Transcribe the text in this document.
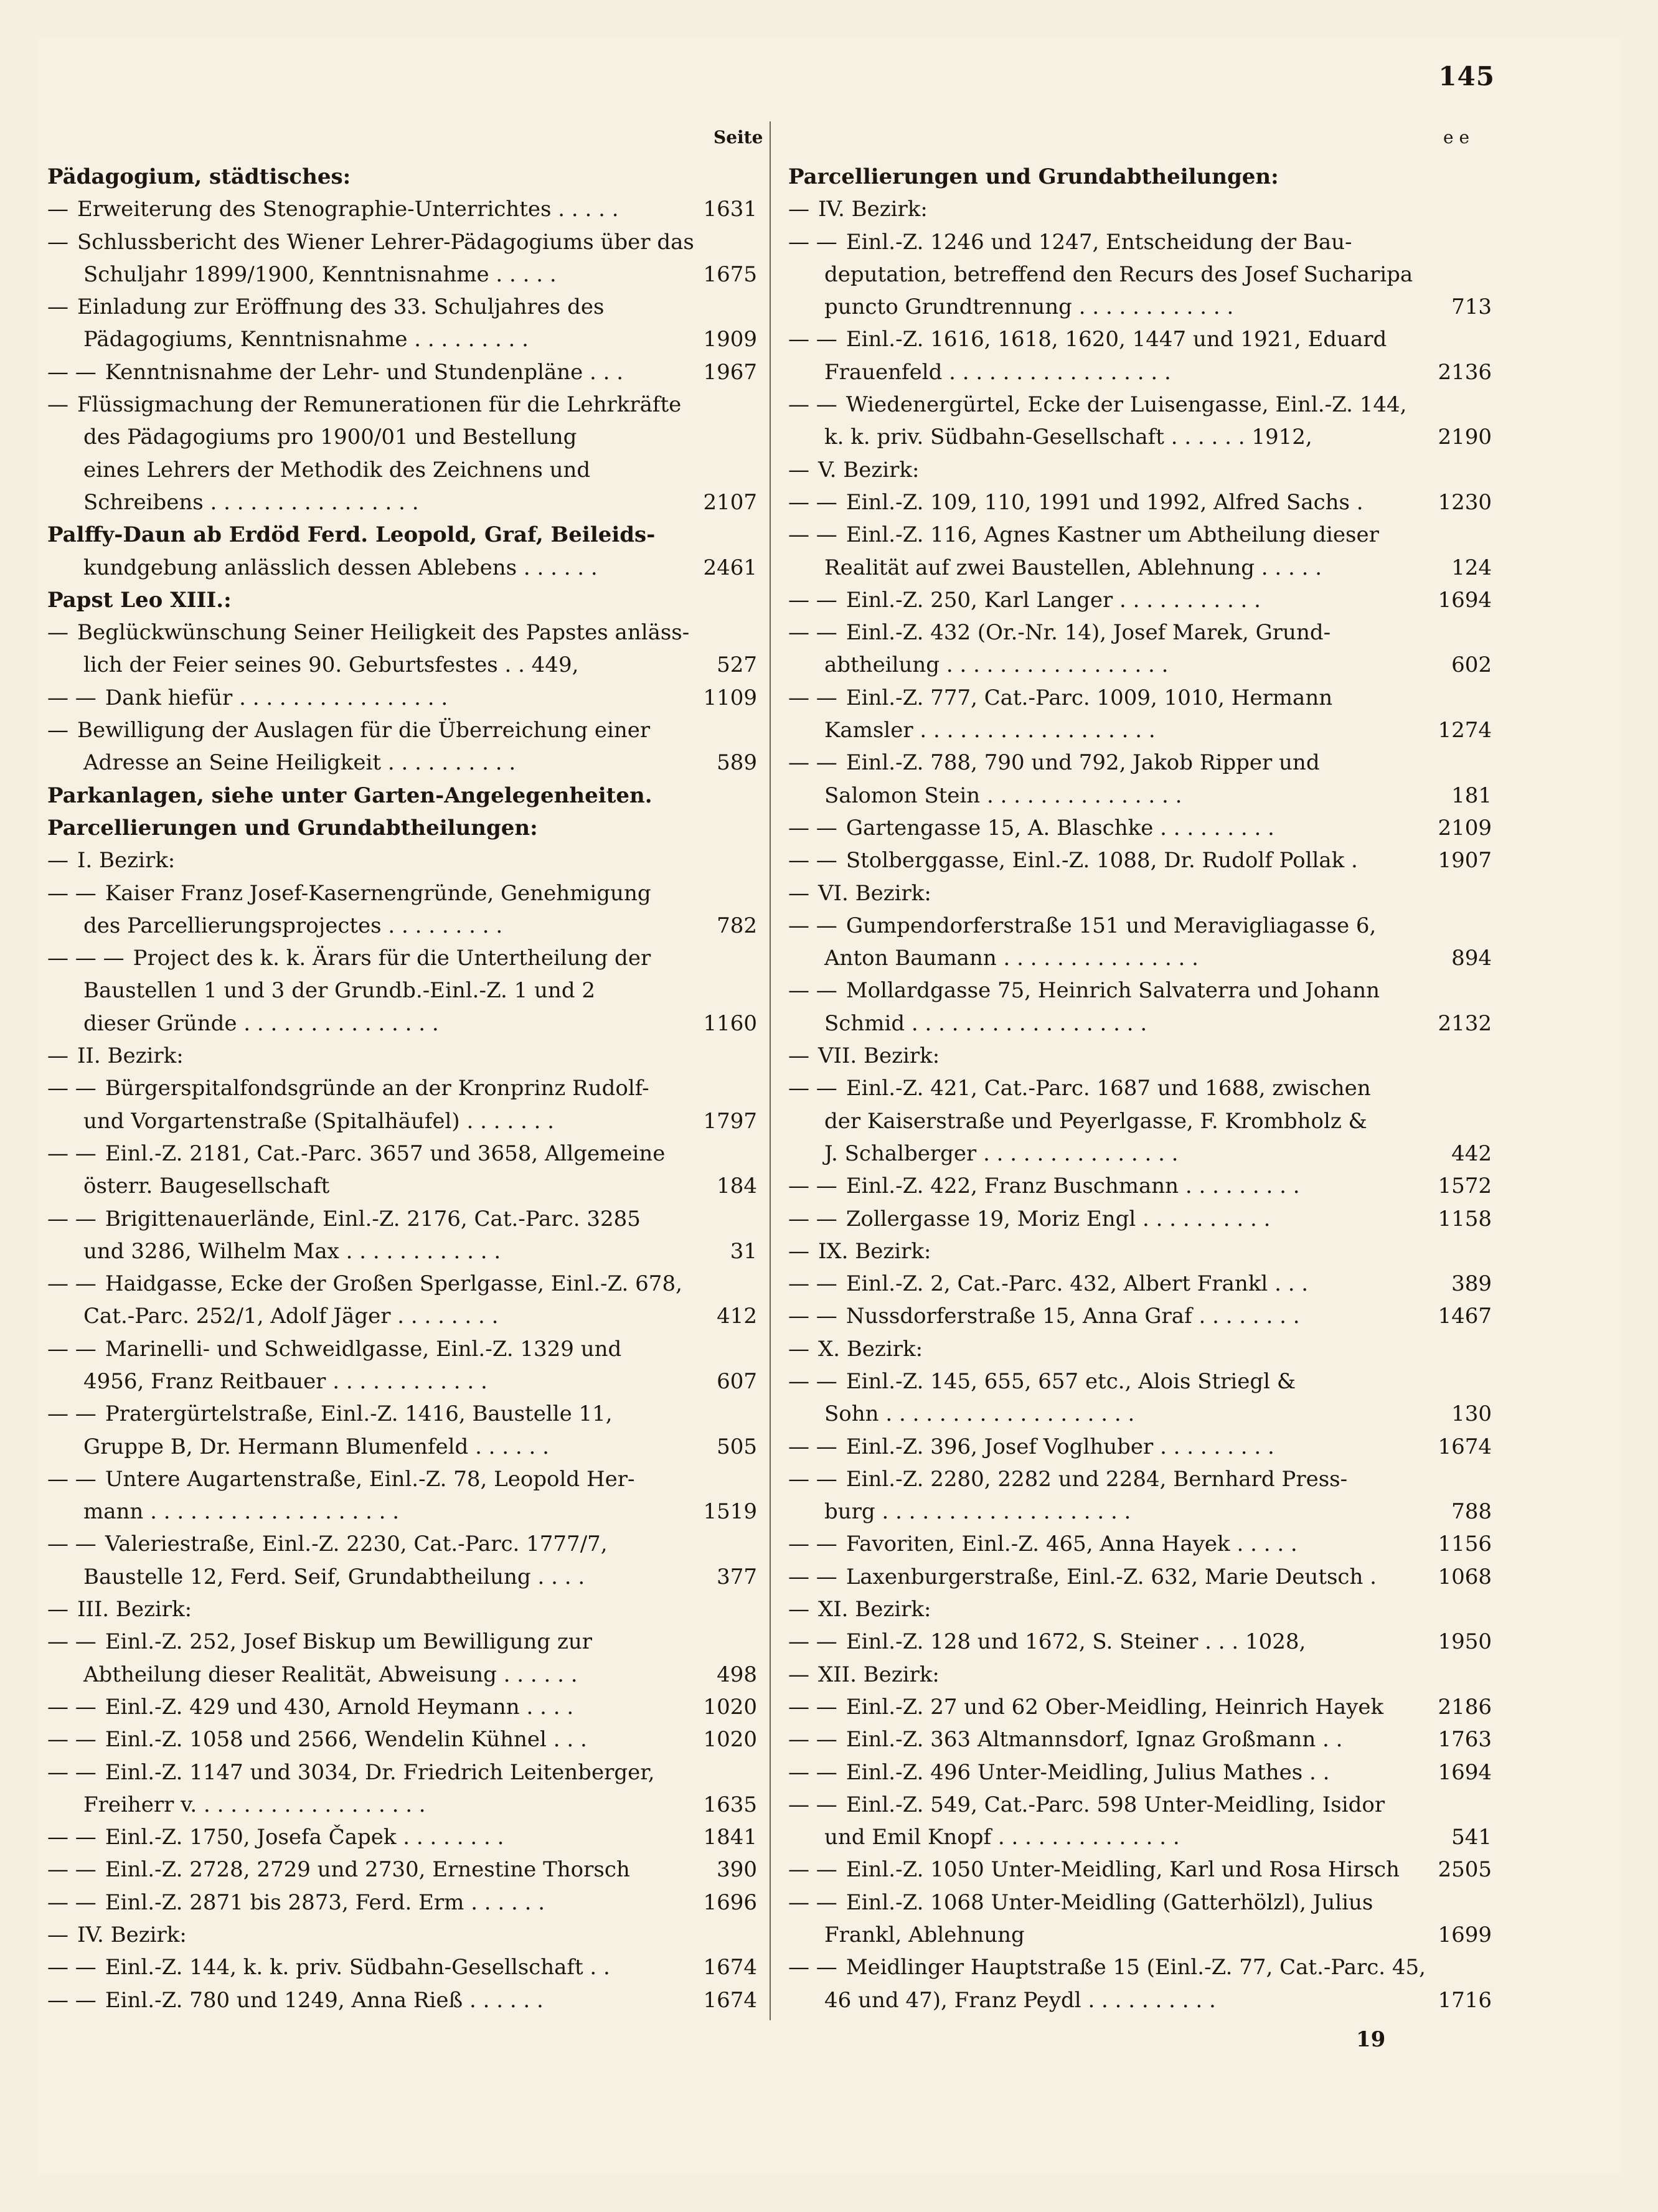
145
Seite	e e
Pädagogium, städtisches:
1631
— Erweiterung des Stenographie-Unterrichtes . . . . .
— Schlussbericht des Wiener Lehrer-Pädagogiums über das
1675
Schuljahr 1899/1900, Kenntnisnahme . . . . .
— Einladung zur Eröffnung des 33. Schuljahres des
1909
Pädagogiums, Kenntnisnahme . . . . . . . . .
1967
— — Kenntnisnahme der Lehr- und Stundenpläne . . .
— Flüssigmachung der Remunerationen für die Lehrkräfte
des Pädagogiums pro 1900/01 und Bestellung
eines Lehrers der Methodik des Zeichnens und
2107
Schreibens . . . . . . . . . . . . . . . .
Palffy-Daun ab Erdöd Ferd. Leopold, Graf, Beileids-
2461
kundgebung anlässlich dessen Ablebens . . . . . .
Papst Leo XIII.:
— Beglückwünschung Seiner Heiligkeit des Papstes anläss-
527
lich der Feier seines 90. Geburtsfestes . . 449,
1109
— — Dank hiefür . . . . . . . . . . . . . . . .
— Bewilligung der Auslagen für die Überreichung einer
589
Adresse an Seine Heiligkeit . . . . . . . . . .
Parkanlagen, siehe unter Garten-Angelegenheiten.
Parcellierungen und Grundabtheilungen:
— I. Bezirk:
— — Kaiser Franz Josef-Kasernengründe, Genehmigung
782
des Parcellierungsprojectes . . . . . . . . .
— — — Project des k. k. Ärars für die Untertheilung der
Baustellen 1 und 3 der Grundb.-Einl.-Z. 1 und 2
1160
dieser Gründe . . . . . . . . . . . . . . .
— II. Bezirk:
— — Bürgerspitalfondsgründe an der Kronprinz Rudolf-
1797
und Vorgartenstraße (Spitalhäufel) . . . . . . .
— — Einl.-Z. 2181, Cat.-Parc. 3657 und 3658, Allgemeine
184
österr. Baugesellschaft
— — Brigittenauerlände, Einl.-Z. 2176, Cat.-Parc. 3285
31
und 3286, Wilhelm Max . . . . . . . . . . . .
— — Haidgasse, Ecke der Großen Sperlgasse, Einl.-Z. 678,
412
Cat.-Parc. 252/1, Adolf Jäger . . . . . . . .
— — Marinelli- und Schweidlgasse, Einl.-Z. 1329 und
607
4956, Franz Reitbauer . . . . . . . . . . . .
— — Pratergürtelstraße, Einl.-Z. 1416, Baustelle 11,
505
Gruppe B, Dr. Hermann Blumenfeld . . . . . .
— — Untere Augartenstraße, Einl.-Z. 78, Leopold Her-
1519
mann . . . . . . . . . . . . . . . . . . .
— — Valeriestraße, Einl.-Z. 2230, Cat.-Parc. 1777/7,
377
Baustelle 12, Ferd. Seif, Grundabtheilung . . . .
— III. Bezirk:
— — Einl.-Z. 252, Josef Biskup um Bewilligung zur
498
Abtheilung dieser Realität, Abweisung . . . . . .
1020
— — Einl.-Z. 429 und 430, Arnold Heymann . . . .
1020
— — Einl.-Z. 1058 und 2566, Wendelin Kühnel . . .
— — Einl.-Z. 1147 und 3034, Dr. Friedrich Leitenberger,
1635
Freiherr v. . . . . . . . . . . . . . . . . .
1841
— — Einl.-Z. 1750, Josefa Čapek . . . . . . . .
390
— — Einl.-Z. 2728, 2729 und 2730, Ernestine Thorsch
1696
— — Einl.-Z. 2871 bis 2873, Ferd. Erm . . . . . .
— IV. Bezirk:
1674
— — Einl.-Z. 144, k. k. priv. Südbahn-Gesellschaft . .
1674
— — Einl.-Z. 780 und 1249, Anna Rieß . . . . . .
Parcellierungen und Grundabtheilungen:
— IV. Bezirk:
— — Einl.-Z. 1246 und 1247, Entscheidung der Bau-
deputation, betreffend den Recurs des Josef Sucharipa
713
puncto Grundtrennung . . . . . . . . . . . .
— — Einl.-Z. 1616, 1618, 1620, 1447 und 1921, Eduard
2136
Frauenfeld . . . . . . . . . . . . . . . . .
— — Wiedenergürtel, Ecke der Luisengasse, Einl.-Z. 144,
2190
k. k. priv. Südbahn-Gesellschaft . . . . . . 1912,
— V. Bezirk:
1230
— — Einl.-Z. 109, 110, 1991 und 1992, Alfred Sachs .
— — Einl.-Z. 116, Agnes Kastner um Abtheilung dieser
124
Realität auf zwei Baustellen, Ablehnung . . . . .
1694
— — Einl.-Z. 250, Karl Langer . . . . . . . . . . .
— — Einl.-Z. 432 (Or.-Nr. 14), Josef Marek, Grund-
602
abtheilung . . . . . . . . . . . . . . . . .
— — Einl.-Z. 777, Cat.-Parc. 1009, 1010, Hermann
1274
Kamsler . . . . . . . . . . . . . . . . . .
— — Einl.-Z. 788, 790 und 792, Jakob Ripper und
181
Salomon Stein . . . . . . . . . . . . . . .
2109
— — Gartengasse 15, A. Blaschke . . . . . . . . .
1907
— — Stolberggasse, Einl.-Z. 1088, Dr. Rudolf Pollak .
— VI. Bezirk:
— — Gumpendorferstraße 151 und Meravigliagasse 6,
894
Anton Baumann . . . . . . . . . . . . . . .
— — Mollardgasse 75, Heinrich Salvaterra und Johann
2132
Schmid . . . . . . . . . . . . . . . . . .
— VII. Bezirk:
— — Einl.-Z. 421, Cat.-Parc. 1687 und 1688, zwischen
der Kaiserstraße und Peyerlgasse, F. Krombholz &
442
J. Schalberger . . . . . . . . . . . . . . .
1572
— — Einl.-Z. 422, Franz Buschmann . . . . . . . . .
1158
— — Zollergasse 19, Moriz Engl . . . . . . . . . .
— IX. Bezirk:
389
— — Einl.-Z. 2, Cat.-Parc. 432, Albert Frankl . . .
1467
— — Nussdorferstraße 15, Anna Graf . . . . . . . .
— X. Bezirk:
— — Einl.-Z. 145, 655, 657 etc., Alois Striegl &
130
Sohn . . . . . . . . . . . . . . . . . . .
1674
— — Einl.-Z. 396, Josef Voglhuber . . . . . . . . .
— — Einl.-Z. 2280, 2282 und 2284, Bernhard Press-
788
burg . . . . . . . . . . . . . . . . . . .
1156
— — Favoriten, Einl.-Z. 465, Anna Hayek . . . . .
1068
— — Laxenburgerstraße, Einl.-Z. 632, Marie Deutsch .
— XI. Bezirk:
1950
— — Einl.-Z. 128 und 1672, S. Steiner . . . 1028,
— XII. Bezirk:
2186
— — Einl.-Z. 27 und 62 Ober-Meidling, Heinrich Hayek
1763
— — Einl.-Z. 363 Altmannsdorf, Ignaz Großmann . .
1694
— — Einl.-Z. 496 Unter-Meidling, Julius Mathes . .
— — Einl.-Z. 549, Cat.-Parc. 598 Unter-Meidling, Isidor
541
und Emil Knopf . . . . . . . . . . . . . .
2505
— — Einl.-Z. 1050 Unter-Meidling, Karl und Rosa Hirsch
— — Einl.-Z. 1068 Unter-Meidling (Gatterhölzl), Julius
1699
Frankl, Ablehnung
— — Meidlinger Hauptstraße 15 (Einl.-Z. 77, Cat.-Parc. 45,
1716
46 und 47), Franz Peydl . . . . . . . . . .
19
